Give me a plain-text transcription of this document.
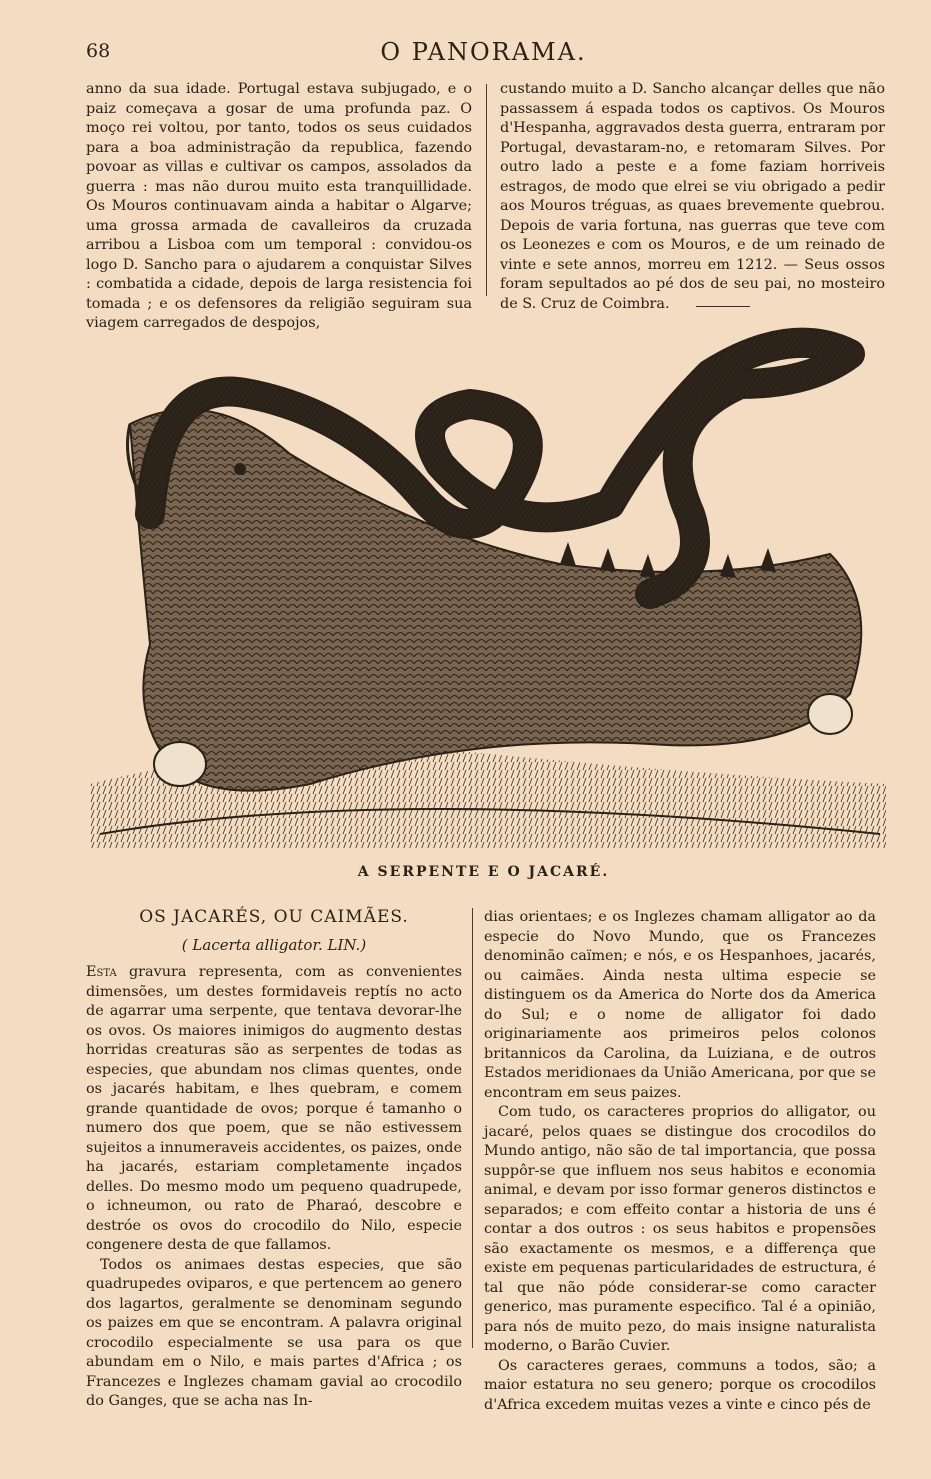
68	O PANORAMA.

anno da sua idade. Portugal estava subjugado, e o paiz começava a gosar de uma profunda paz. O moço rei voltou, por tanto, todos os seus cuidados para a boa administração da republica, fazendo povoar as villas e cultivar os campos, assolados da guerra : mas não durou muito esta tranquillidade. Os Mouros continuavam ainda a habitar o Algarve; uma grossa armada de cavalleiros da cruzada arribou a Lisboa com um temporal : convidou-os logo D. Sancho para o ajudarem a conquistar Silves : combatida a cidade, depois de larga resistencia foi tomada ; e os defensores da religião seguiram sua viagem carregados de despojos,

custando muito a D. Sancho alcançar delles que não passassem á espada todos os captivos. Os Mouros d'Hespanha, aggravados desta guerra, entraram por Portugal, devastaram-no, e retomaram Silves. Por outro lado a peste e a fome faziam horriveis estragos, de modo que elrei se viu obrigado a pedir aos Mouros tréguas, as quaes brevemente quebrou. Depois de varia fortuna, nas guerras que teve com os Leonezes e com os Mouros, e de um reinado de vinte e sete annos, morreu em 1212. — Seus ossos foram sepultados ao pé dos de seu pai, no mosteiro de S. Cruz de Coimbra.

A SERPENTE E O JACARÉ.
OS JACARÉS, OU CAIMÃES.
( Lacerta alligator. LIN.)

Esta gravura representa, com as convenientes dimensões, um destes formidaveis reptís no acto de agarrar uma serpente, que tentava devorar-lhe os ovos. Os maiores inimigos do augmento destas horridas creaturas são as serpentes de todas as especies, que abundam nos climas quentes, onde os jacarés habitam, e lhes quebram, e comem grande quantidade de ovos; porque é tamanho o numero dos que poem, que se não estivessem sujeitos a innumeraveis accidentes, os paizes, onde ha jacarés, estariam completamente inçados delles. Do mesmo modo um pequeno quadrupede, o ichneumon, ou rato de Pharaó, descobre e destróe os ovos do crocodilo do Nilo, especie congenere desta de que fallamos.

Todos os animaes destas especies, que são quadrupedes oviparos, e que pertencem ao genero dos lagartos, geralmente se denominam segundo os paizes em que se encontram. A palavra original crocodilo especialmente se usa para os que abundam em o Nilo, e mais partes d'Africa ; os Francezes e Inglezes chamam gavial ao crocodilo do Ganges, que se acha nas In-

dias orientaes; e os Inglezes chamam alligator ao da especie do Novo Mundo, que os Francezes denominão caïmen; e nós, e os Hespanhoes, jacarés, ou caimães. Ainda nesta ultima especie se distinguem os da America do Norte dos da America do Sul; e o nome de alligator foi dado originariamente aos primeiros pelos colonos britannicos da Carolina, da Luiziana, e de outros Estados meridionaes da União Americana, por que se encontram em seus paizes.

Com tudo, os caracteres proprios do alligator, ou jacaré, pelos quaes se distingue dos crocodilos do Mundo antigo, não são de tal importancia, que possa suppôr-se que influem nos seus habitos e economia animal, e devam por isso formar generos distinctos e separados; e com effeito contar a historia de uns é contar a dos outros : os seus habitos e propensões são exactamente os mesmos, e a differença que existe em pequenas particularidades de estructura, é tal que não póde considerar-se como caracter generico, mas puramente especifico. Tal é a opinião, para nós de muito pezo, do mais insigne naturalista moderno, o Barão Cuvier.

Os caracteres geraes, communs a todos, são; a maior estatura no seu genero; porque os crocodilos d'Africa excedem muitas vezes a vinte e cinco pés de
